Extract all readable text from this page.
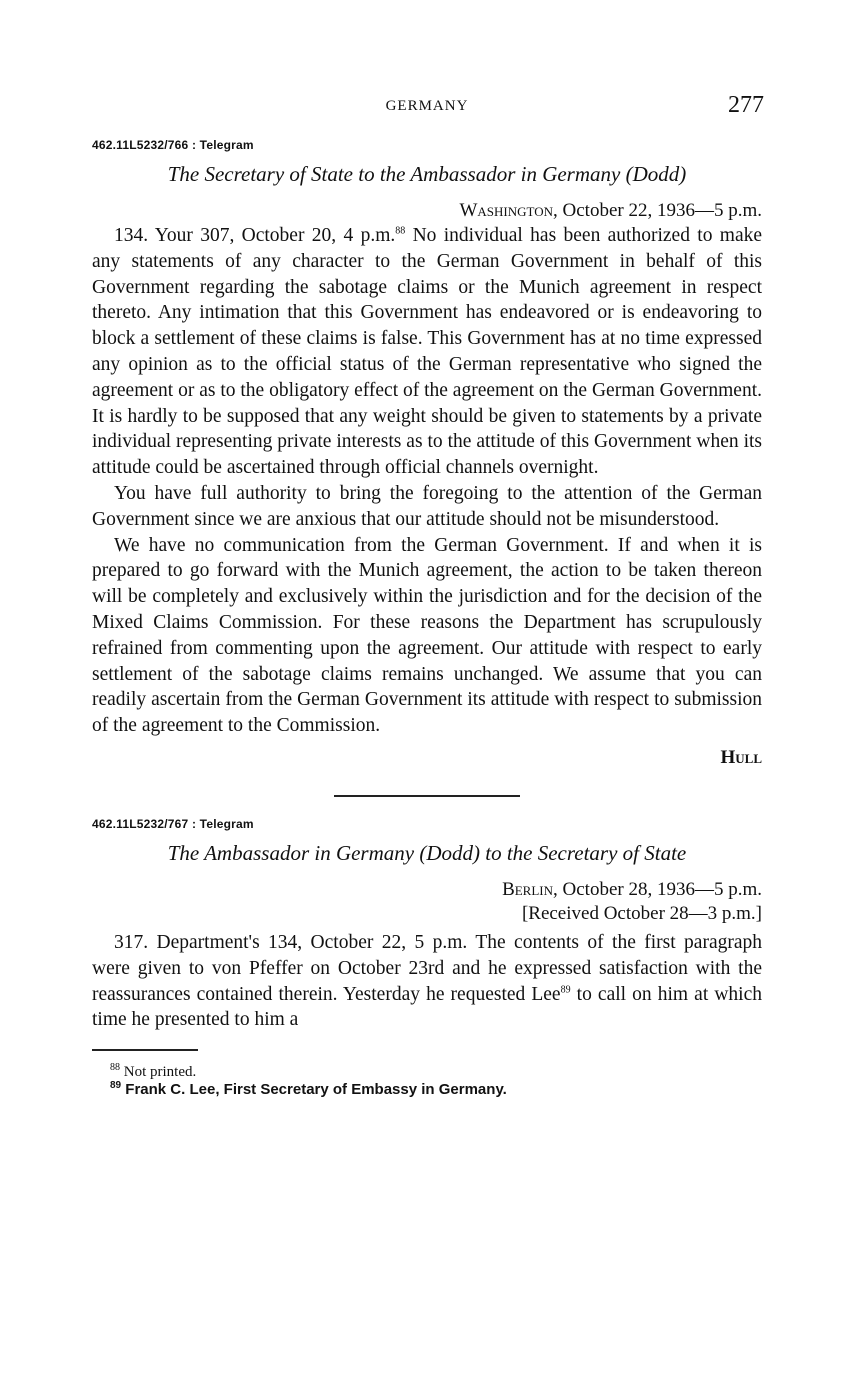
GERMANY	277
462.11L5232/766 : Telegram
The Secretary of State to the Ambassador in Germany (Dodd)

Washington, October 22, 1936—5 p.m.

134. Your 307, October 20, 4 p.m.$^{88}$ No individual has been authorized to make any statements of any character to the German Government in behalf of this Government regarding the sabotage claims or the Munich agreement in respect thereto. Any intimation that this Government has endeavored or is endeavoring to block a settlement of these claims is false. This Government has at no time expressed any opinion as to the official status of the German representative who signed the agreement or as to the obligatory effect of the agreement on the German Government. It is hardly to be supposed that any weight should be given to statements by a private individual representing private interests as to the attitude of this Government when its attitude could be ascertained through official channels overnight.

You have full authority to bring the foregoing to the attention of the German Government since we are anxious that our attitude should not be misunderstood.

We have no communication from the German Government. If and when it is prepared to go forward with the Munich agreement, the action to be taken thereon will be completely and exclusively within the jurisdiction and for the decision of the Mixed Claims Commission. For these reasons the Department has scrupulously refrained from commenting upon the agreement. Our attitude with respect to early settlement of the sabotage claims remains unchanged. We assume that you can readily ascertain from the German Government its attitude with respect to submission of the agreement to the Commission.

Hull
462.11L5232/767 : Telegram
The Ambassador in Germany (Dodd) to the Secretary of State

Berlin, October 28, 1936—5 p.m.

[Received October 28—3 p.m.]

317. Department's 134, October 22, 5 p.m. The contents of the first paragraph were given to von Pfeffer on October 23rd and he expressed satisfaction with the reassurances contained therein. Yesterday he requested Lee$^{89}$ to call on him at which time he presented to him a

$^{88}$ Not printed.

$^{89}$ Frank C. Lee, First Secretary of Embassy in Germany.
